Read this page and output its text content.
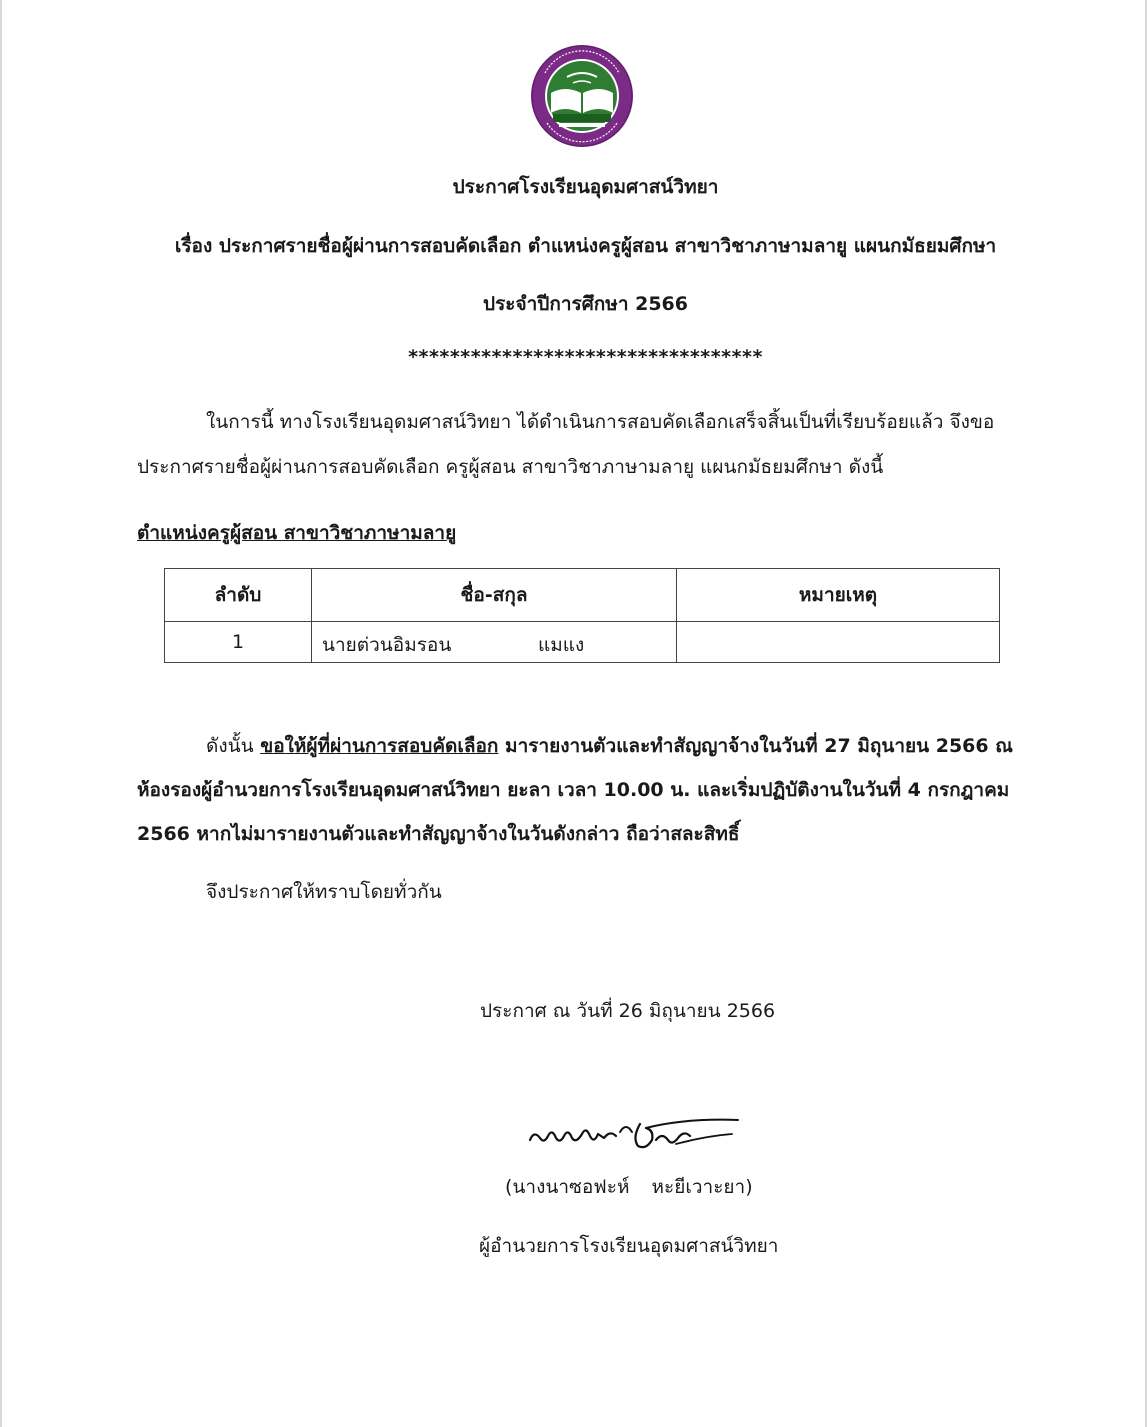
ประกาศโรงเรียนอุดมศาสน์วิทยา
เรื่อง ประกาศรายชื่อผู้ผ่านการสอบคัดเลือก ตำแหน่งครูผู้สอน สาขาวิชาภาษามลายู แผนกมัธยมศึกษา
ประจำปีการศึกษา 2566
**********************************
ในการนี้ ทางโรงเรียนอุดมศาสน์วิทยา ได้ดำเนินการสอบคัดเลือกเสร็จสิ้นเป็นที่เรียบร้อยแล้ว จึงขอ
ประกาศรายชื่อผู้ผ่านการสอบคัดเลือก ครูผู้สอน สาขาวิชาภาษามลายู แผนกมัธยมศึกษา ดังนี้
ตำแหน่งครูผู้สอน สาขาวิชาภาษามลายู
ลำดับ	ชื่อ-สกุล	หมายเหตุ
1	นายต่วนอิมรอน แมแง	

ดังนั้น ขอให้ผู้ที่ผ่านการสอบคัดเลือก มารายงานตัวและทำสัญญาจ้างในวันที่ 27 มิถุนายน 2566 ณ
ห้องรองผู้อำนวยการโรงเรียนอุดมศาสน์วิทยา ยะลา เวลา 10.00 น. และเริ่มปฏิบัติงานในวันที่ 4 กรกฎาคม
2566 หากไม่มารายงานตัวและทำสัญญาจ้างในวันดังกล่าว ถือว่าสละสิทธิ์
จึงประกาศให้ทราบโดยทั่วกัน
ประกาศ ณ วันที่ 26 มิถุนายน 2566
(นางนาซอฟะห์ หะยีเวาะยา)
ผู้อำนวยการโรงเรียนอุดมศาสน์วิทยา
